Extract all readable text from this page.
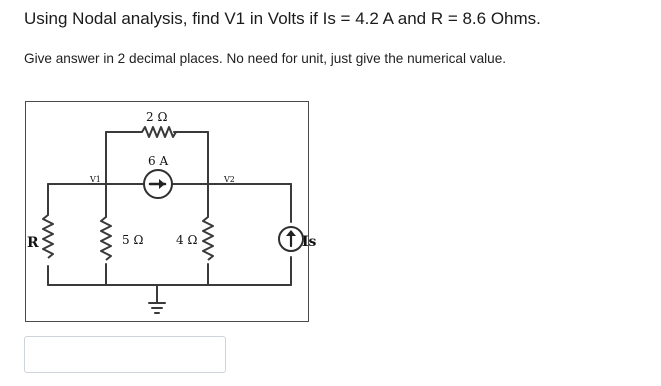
Using Nodal analysis, find V1 in Volts if Is = 4.2 A and R = 8.6 Ohms.
Give answer in 2 decimal places. No need for unit, just give the numerical value.
2 Ω
6 A
V1	V2
R	5 Ω	4 Ω	Is
